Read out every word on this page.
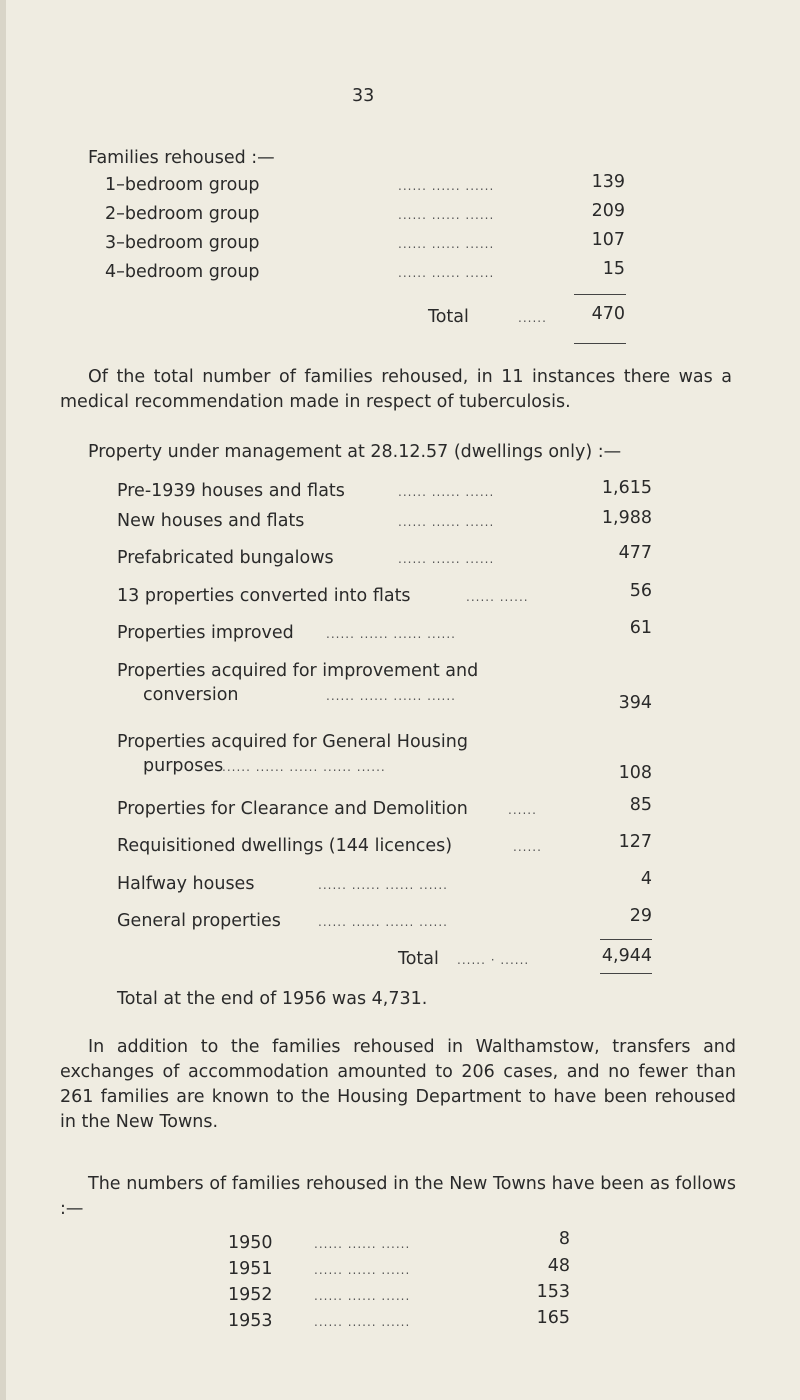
33
Families rehoused :—
1–bedroom group	...... ...... ......	139
2–bedroom group	...... ...... ......	209
3–bedroom group	...... ...... ......	107
4–bedroom group	...... ...... ......	15
Total	......	470
Of the total number of families rehoused, in 11 instances there was a medical recommendation made in respect of tuberculosis.
Property under management at 28.12.57 (dwellings only) :—
Pre-1939 houses and flats	...... ...... ......	1,615
New houses and flats	...... ...... ......	1,988
Prefabricated bungalows	...... ...... ......	477
13 properties converted into flats	...... ......	56
Properties improved	...... ...... ...... ......	61
Properties acquired for improvement and
conversion	...... ...... ...... ......	394
Properties acquired for General Housing
purposes
...... ...... ...... ...... ......	108
Properties for Clearance and Demolition	......	85
Requisitioned dwellings (144 licences)	......	127
Halfway houses	...... ...... ...... ......	4
General properties	...... ...... ...... ......	29
Total ...... · ......	4,944
Total at the end of 1956 was 4,731.
In addition to the families rehoused in Walthamstow, transfers and exchanges of accommodation amounted to 206 cases, and no fewer than 261 families are known to the Housing Department to have been rehoused in the New Towns.
The numbers of families rehoused in the New Towns have been as follows :—
1950	...... ...... ......	8
1951	...... ...... ......	48
1952	...... ...... ......	153
1953	...... ...... ......	165
